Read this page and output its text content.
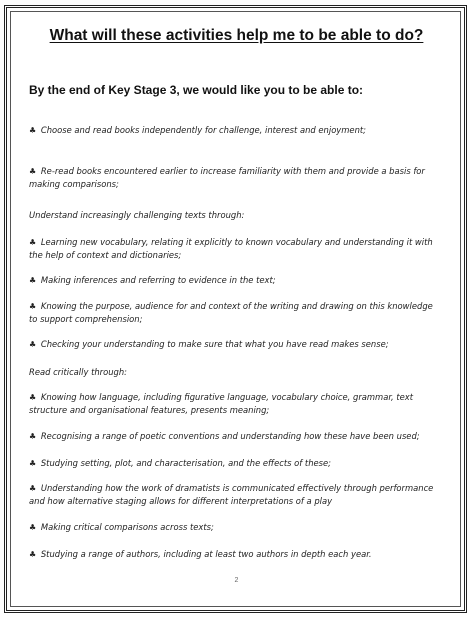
What will these activities help me to be able to do?

By the end of Key Stage 3, we would like you to be able to:

♣ Choose and read books independently for challenge, interest and enjoyment;

♣ Re-read books encountered earlier to increase familiarity with them and provide a basis for making comparisons;

Understand increasingly challenging texts through:

♣ Learning new vocabulary, relating it explicitly to known vocabulary and understanding it with the help of context and dictionaries;

♣ Making inferences and referring to evidence in the text;

♣ Knowing the purpose, audience for and context of the writing and drawing on this knowledge to support comprehension;

♣ Checking your understanding to make sure that what you have read makes sense;

Read critically through:

♣ Knowing how language, including figurative language, vocabulary choice, grammar, text structure and organisational features, presents meaning;

♣ Recognising a range of poetic conventions and understanding how these have been used;

♣ Studying setting, plot, and characterisation, and the effects of these;

♣ Understanding how the work of dramatists is communicated effectively through performance and how alternative staging allows for different interpretations of a play

♣ Making critical comparisons across texts;

♣ Studying a range of authors, including at least two authors in depth each year.

2
